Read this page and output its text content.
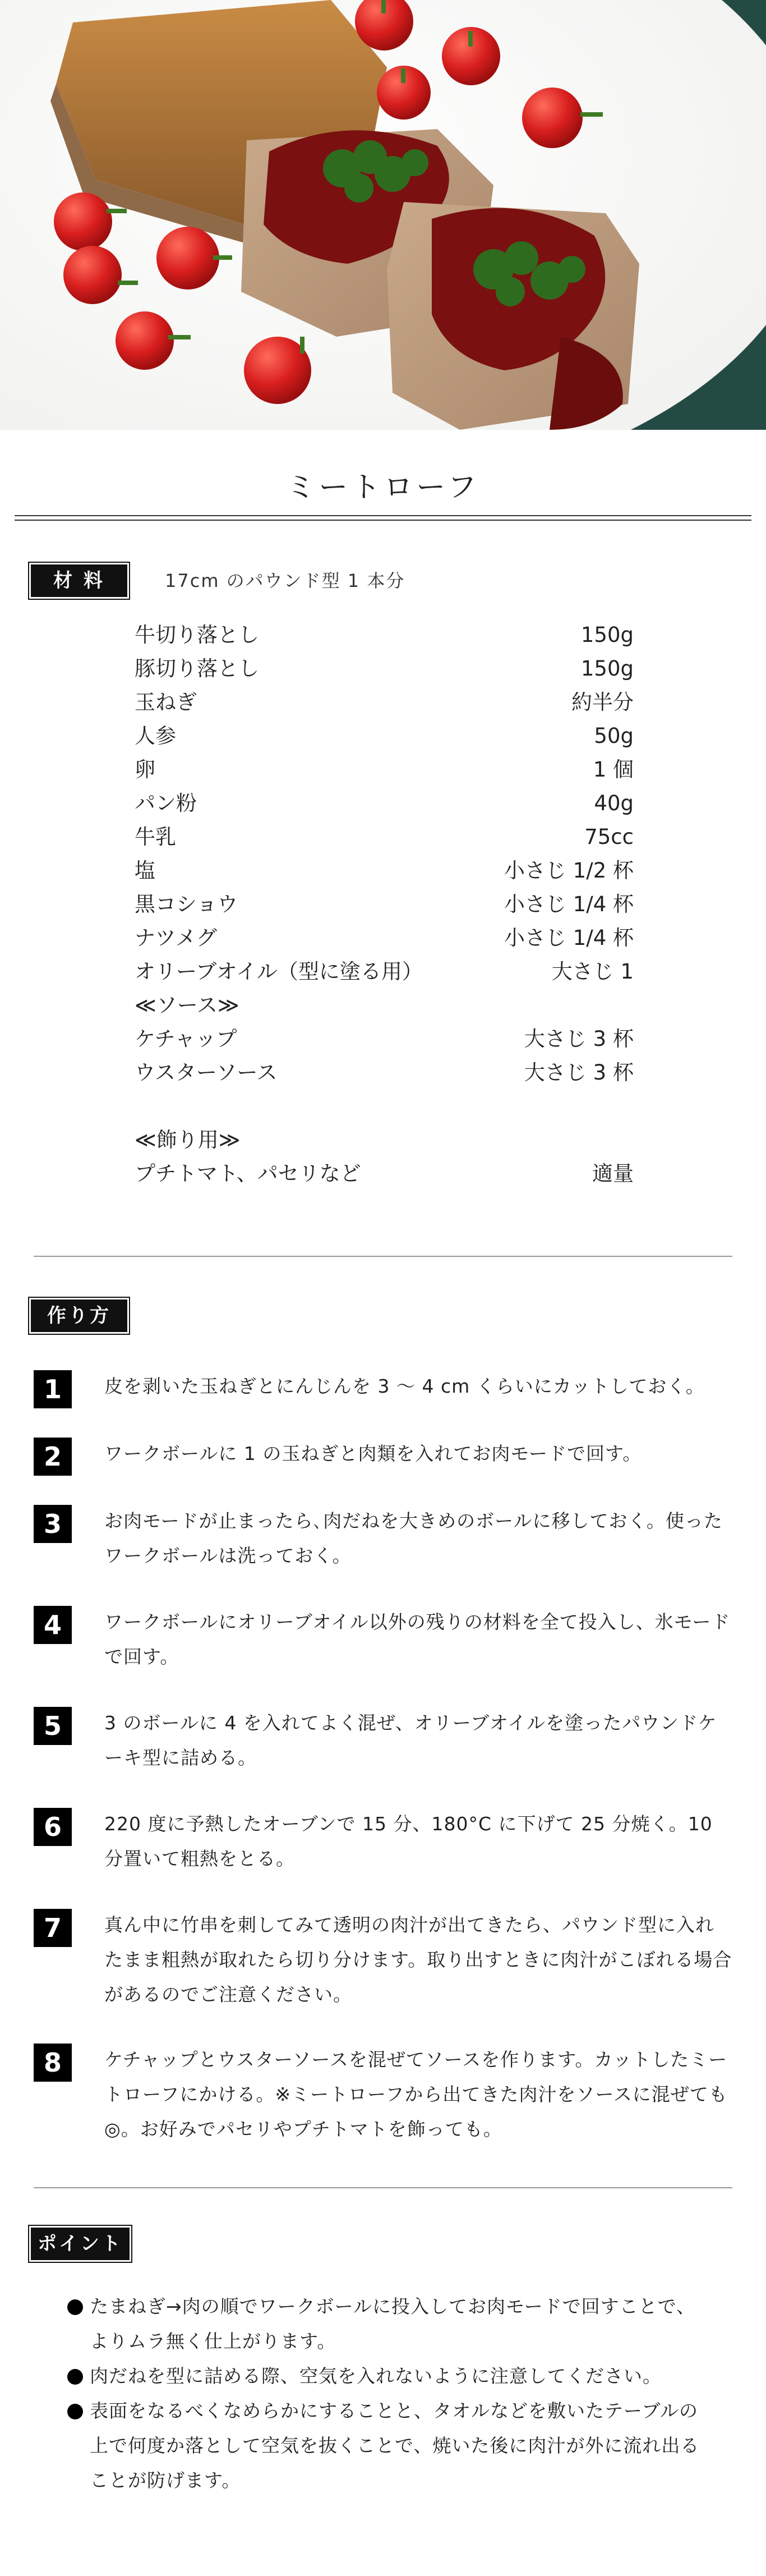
ミートローフ
材 料	17cm のパウンド型 1 本分
牛切り落とし	150g
豚切り落とし	150g
玉ねぎ	約半分
人参	50g
卵	1 個
パン粉	40g
牛乳	75cc
塩	小さじ 1/2 杯
黒コショウ	小さじ 1/4 杯
ナツメグ	小さじ 1/4 杯
オリーブオイル（型に塗る用）	大さじ 1
≪ソース≫
ケチャップ	大さじ 3 杯
ウスターソース	大さじ 3 杯
≪飾り用≫
プチトマト、パセリなど	適量
作り方
1	皮を剥いた玉ねぎとにんじんを 3 ～ 4 cm くらいにカットしておく。
2	ワークボールに 1 の玉ねぎと肉類を入れてお肉モードで回す。
3	お肉モードが止まったら､肉だねを大きめのボールに移しておく。使ったワークボールは洗っておく。
4	ワークボールにオリーブオイル以外の残りの材料を全て投入し、氷モードで回す。
5	3 のボールに 4 を入れてよく混ぜ、オリーブオイルを塗ったパウンドケーキ型に詰める。
6	220 度に予熱したオーブンで 15 分、180°C に下げて 25 分焼く。10 分置いて粗熱をとる。
7	真ん中に竹串を刺してみて透明の肉汁が出てきたら、パウンド型に入れたまま粗熱が取れたら切り分けます。取り出すときに肉汁がこぼれる場合があるのでご注意ください。
8	ケチャップとウスターソースを混ぜてソースを作ります。カットしたミートローフにかける。※ミートローフから出てきた肉汁をソースに混ぜても◎。お好みでパセリやプチトマトを飾っても。
ポイント
たまねぎ→肉の順でワークボールに投入してお肉モードで回すことで、よりムラ無く仕上がります。
肉だねを型に詰める際、空気を入れないように注意してください。
表面をなるべくなめらかにすることと、タオルなどを敷いたテーブルの上で何度か落として空気を抜くことで、焼いた後に肉汁が外に流れ出ることが防げます。
